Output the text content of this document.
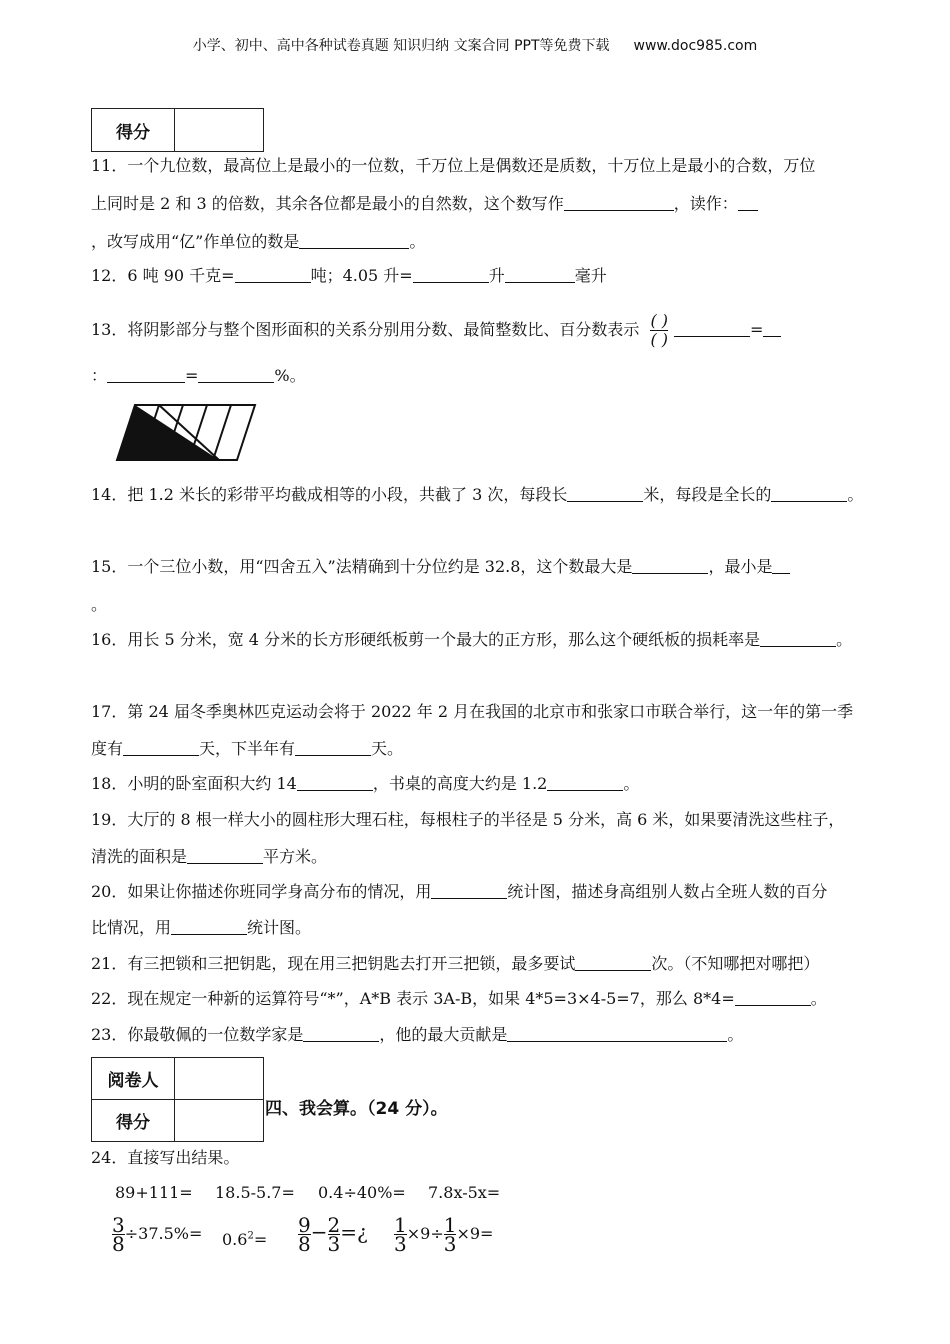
小学、初中、高中各种试卷真题 知识归纳 文案合同 PPT等免费下载 www.doc985.com
得分	
11．一个九位数，最高位上是最小的一位数，千万位上是偶数还是质数，十万位上是最小的合数，万位
上同时是 2 和 3 的倍数，其余各位都是最小的自然数，这个数写作	，读作：
，改写成用“亿”作单位的数是	。
12．6 吨 90 千克=	吨；4.05 升=	升	毫升
13．将阴影部分与整个图形面积的关系分别用分数、最简整数比、百分数表示 $\frac{( )}{( )}$	=
：	=	%。
14．把 1.2 米长的彩带平均截成相等的小段，共截了 3 次，每段长	米，每段是全长的	。
15．一个三位小数，用“四舍五入”法精确到十分位约是 32.8，这个数最大是	，最小是
。
16．用长 5 分米，宽 4 分米的长方形硬纸板剪一个最大的正方形，那么这个硬纸板的损耗率是	。
17．第 24 届冬季奥林匹克运动会将于 2022 年 2 月在我国的北京市和张家口市联合举行，这一年的第一季
度有	天，下半年有	天。
18．小明的卧室面积大约 14	，书桌的高度大约是 1.2	。
19．大厅的 8 根一样大小的圆柱形大理石柱，每根柱子的半径是 5 分米，高 6 米，如果要清洗这些柱子，
清洗的面积是	平方米。
20．如果让你描述你班同学身高分布的情况，用	统计图，描述身高组别人数占全班人数的百分
比情况，用	统计图。
21．有三把锁和三把钥匙，现在用三把钥匙去打开三把锁，最多要试	次。（不知哪把对哪把）
22．现在规定一种新的运算符号“*”，A*B 表示 3A-B，如果 4*5=3×4-5=7，那么 8*4=	。
23．你最敬佩的一位数学家是	，他的最大贡献是	。
阅卷人	
得分	
四、我会算。（24 分）。
24．直接写出结果。
89+111= 18.5-5.7= 0.4÷40%= 7.8x-5x=
$\frac{3}{8} \div 37.5\%= 0.6^2= \frac{9}{8} - \frac{2}{3}$ =¿ $\frac{1}{3} \times 9\div \frac{1}{3} \times 9=$
